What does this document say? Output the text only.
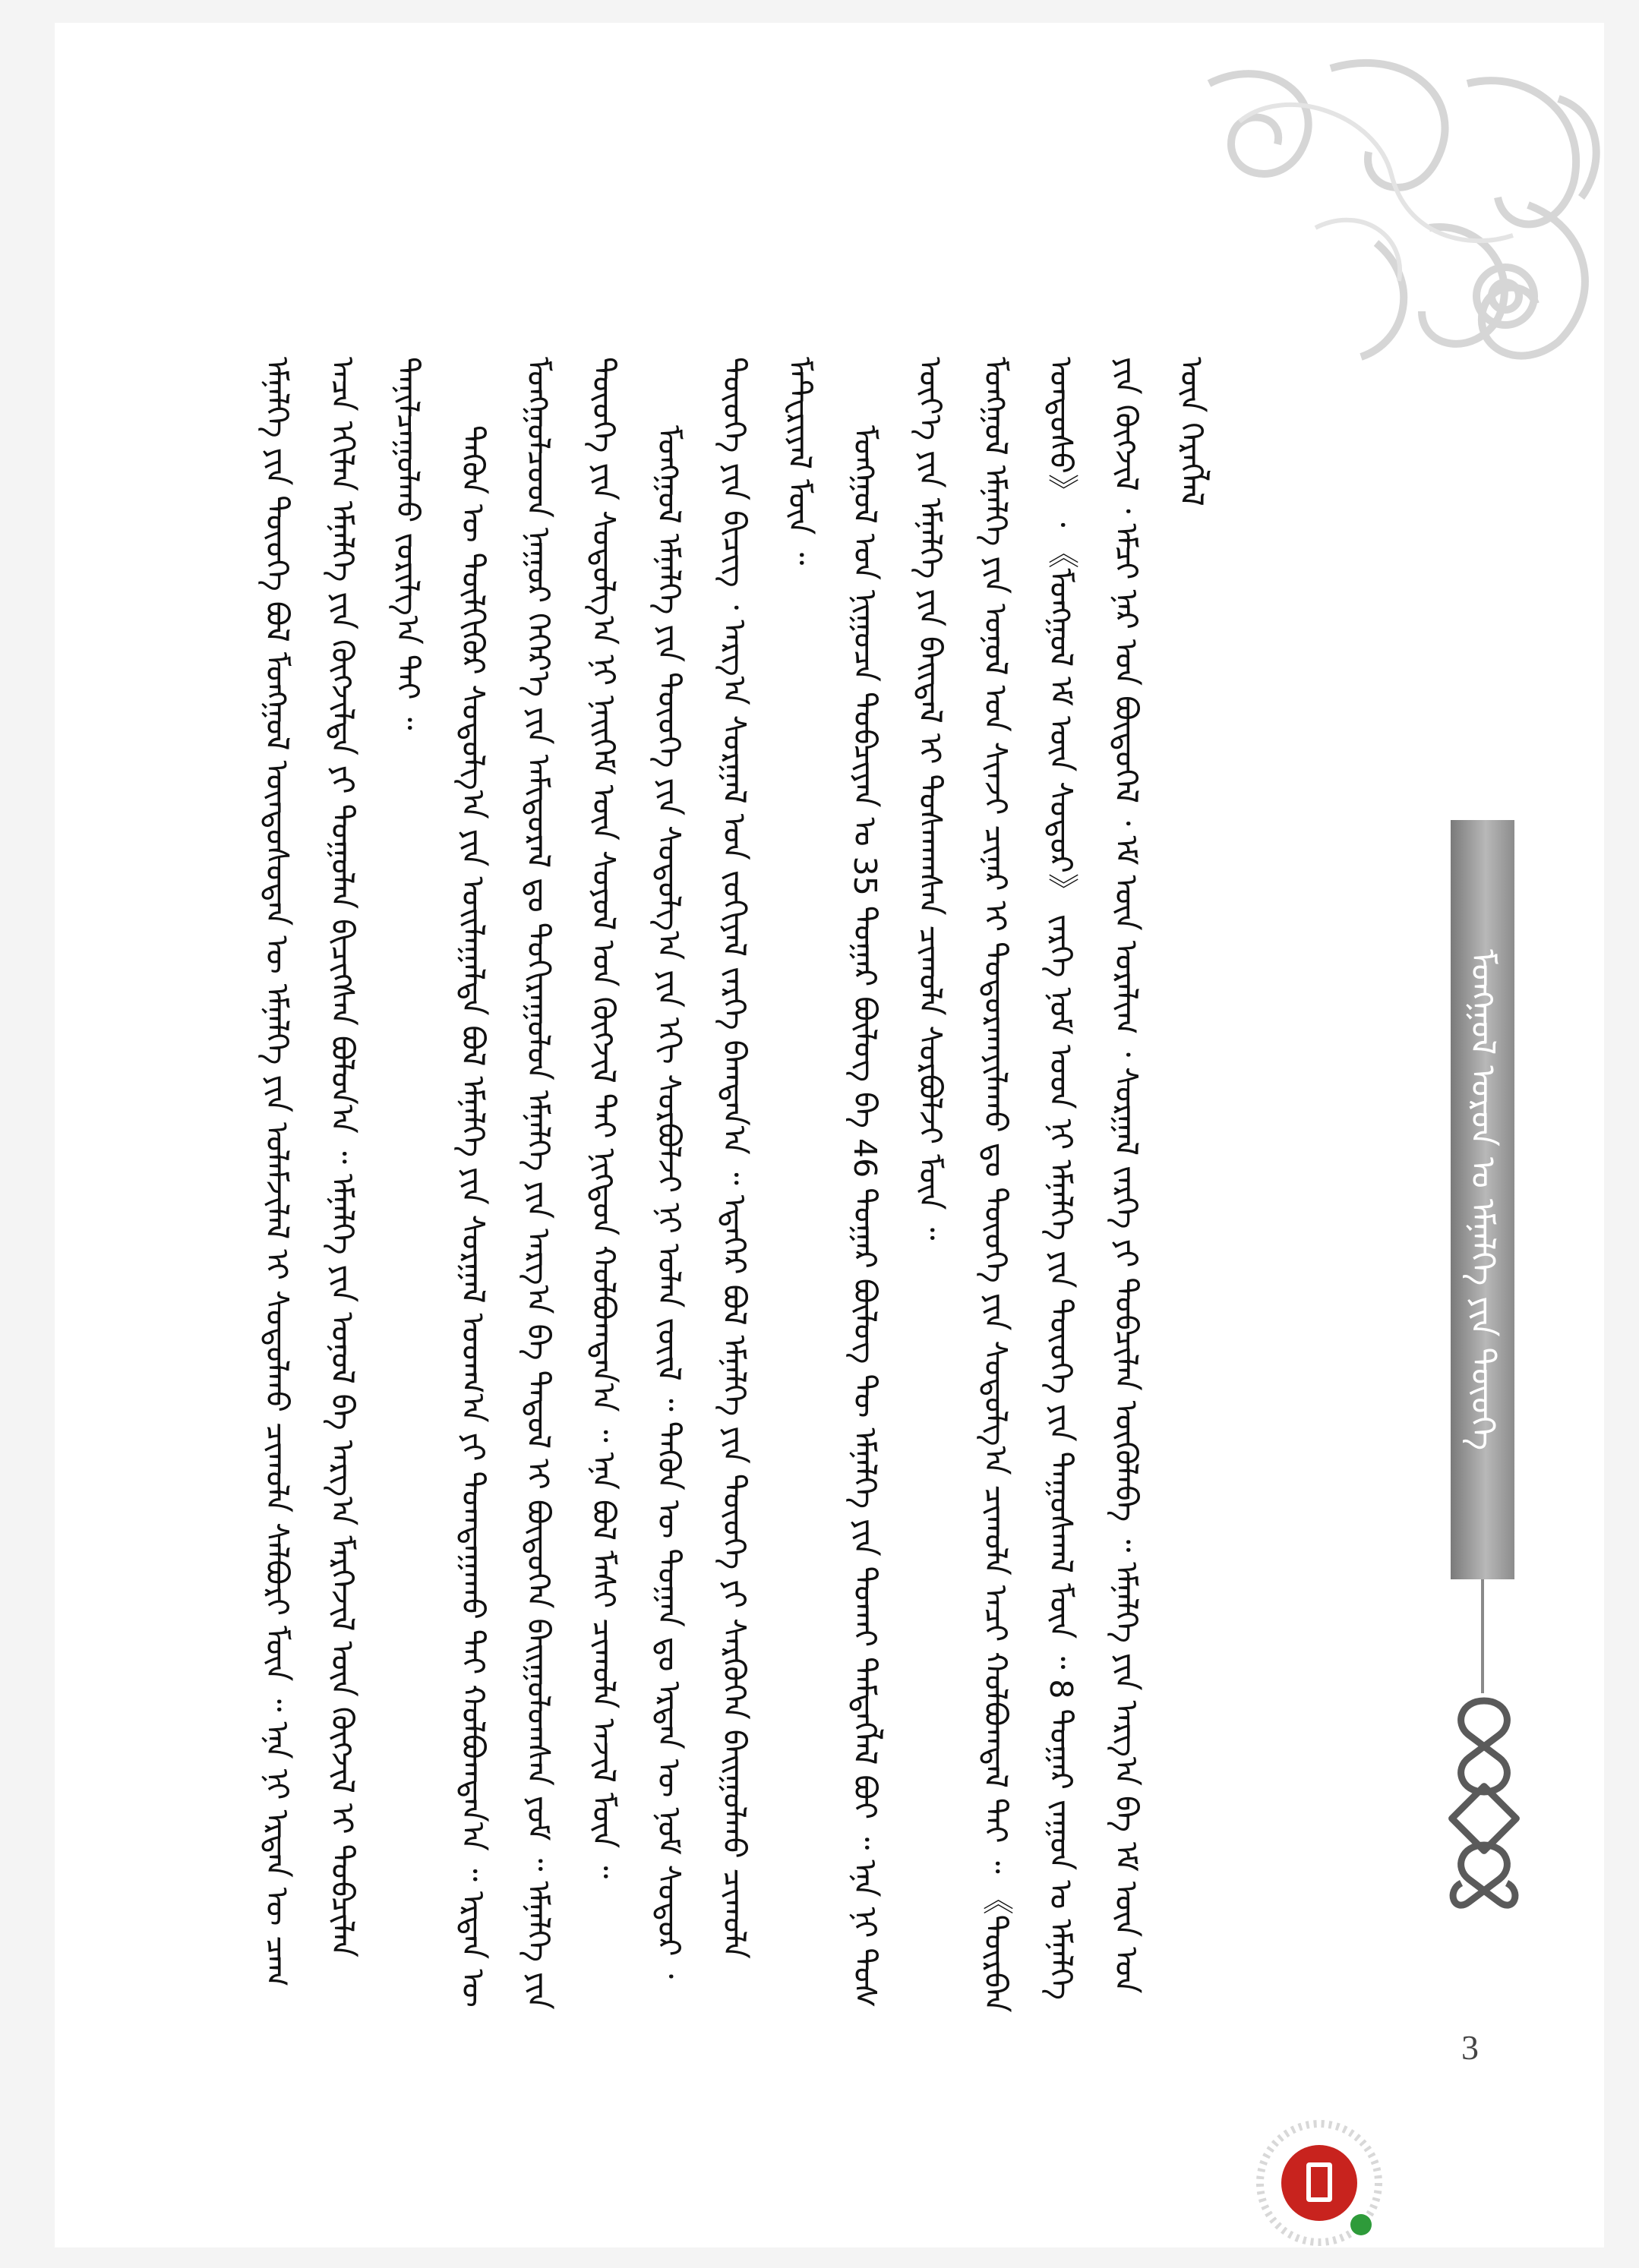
ᠡᠮᠨᠡᠯᠭᠡ ᠶᠢᠨ ᠲᠦᠦᠬᠡ ᠪᠣᠯ ᠮᠣᠩᠭᠣᠯ ᠦᠨᠳᠦᠰᠦᠲᠡᠨ ᠦ ᠡᠮᠨᠡᠯᠭᠡ ᠶᠢᠨ ᠤᠯᠠᠮᠵᠢᠯᠠᠯ ᠢ ᠰᠤᠳᠤᠯᠬᠤ ᠴᠢᠬᠤᠯᠠ ᠰᠠᠯᠪᠤᠷᠢ ᠮᠥᠨ ᠃ ᠡᠨᠡ ᠨᠢ ᠡᠷᠲᠡᠨ ᠦ ᠴᠠᠭ ᠠᠴᠠ ᠡᠬᠢᠯᠡᠨ ᠡᠮᠨᠡᠯᠭᠡ ᠶᠢᠨ ᠬᠥᠭᠵᠢᠯᠲᠡ ᠶᠢ ᠲᠣᠭᠣᠯᠠᠨ ᠪᠢᠴᠢᠭᠰᠡᠨ ᠪᠣᠯᠣᠨ᠎ᠠ ᠃ ᠡᠮᠨᠡᠯᠭᠡ ᠶᠢᠨ ᠣᠨᠣᠯ ᠪᠠ ᠠᠷᠭ᠎ᠠ ᠮᠡᠷᠭᠡᠵᠢᠯ ᠦᠨ ᠬᠥᠭᠵᠢᠯ ᠢ ᠲᠣᠪᠴᠢᠯᠠᠨ ᠲᠠᠨᠢᠯᠴᠠᠭᠤᠯᠬᠤ ᠵᠣᠷᠢᠯᠭ᠎ᠠ ᠲᠠᠢ ᠃ ᠲᠡᠭᠦᠨ ᠦ ᠲᠦᠯᠬᠢᠭᠦᠷ ᠰᠤᠳᠤᠯᠭ᠎ᠠ ᠶᠢᠨ ᠣᠢᠯᠠᠭᠠᠯᠲᠠ ᠪᠣᠯ ᠡᠮᠨᠡᠯᠭᠡ ᠶᠢᠨ ᠰᠤᠷᠭᠠᠯ ᠤᠳᠬ᠎ᠠ ᠶᠢ ᠲᠣᠭᠲᠠᠭᠠᠬᠤ ᠲᠠᠢ ᠬᠣᠯᠪᠣᠭᠳᠠᠨ᠎ᠠ ᠃ ᠡᠷᠲᠡᠨ ᠦ ᠮᠣᠩᠭᠣᠯᠴᠤᠳ ᠨᠠᠭᠤᠷ ᠬᠡᠭᠡᠷ᠎ᠡ ᠶᠢᠨ ᠠᠮᠢᠳᠤᠷᠠᠯ ᠳᠤ ᠲᠣᠬᠢᠷᠠᠭᠤᠯᠤᠨ ᠡᠮᠨᠡᠯᠭᠡ ᠶᠢᠨ ᠠᠷᠭ᠎ᠠ ᠪᠠ ᠳᠠᠳᠤᠯ ᠢ ᠪᠦᠲᠦᠭᠡᠨ ᠪᠠᠢᠭᠤᠯᠤᠭᠰᠠᠨ ᠶᠤᠮ ᠃ ᠡᠮᠨᠡᠯᠭᠡ ᠶᠢᠨ ᠲᠦᠦᠬᠡ ᠶᠢᠨ ᠰᠤᠳᠤᠯᠭ᠎ᠠ ᠨᠢ ᠨᠡᠢᠭᠡᠮ ᠦᠨ ᠰᠣᠶᠤᠯ ᠤᠨ ᠬᠥᠭᠵᠢᠯ ᠲᠡᠢ ᠨᠢᠭᠳᠦᠨ ᠬᠣᠯᠪᠣᠭᠳᠠᠨ᠎ᠠ ᠃ ᠡᠨᠡ ᠪᠣᠯ ᠮᠠᠰᠢ ᠴᠢᠬᠤᠯᠠ ᠠᠵᠢᠯ ᠮᠥᠨ ᠃ ᠮᠣᠩᠭᠣᠯ ᠡᠮᠨᠡᠯᠭᠡ ᠶᠢᠨ ᠲᠦᠦᠬᠡ ᠶᠢᠨ ᠰᠤᠳᠤᠯᠭ᠎ᠠ ᠶᠢᠨ ᠡᠬᠢ ᠰᠤᠷᠪᠤᠯᠵᠢ ᠨᠢ ᠣᠯᠠᠨ ᠵᠦᠢᠯ ᠃ ᠲᠡᠭᠦᠨ ᠦ ᠲᠣᠭᠠᠨ ᠳᠤ ᠡᠷᠲᠡᠨ ᠦ ᠨᠣᠮ ᠰᠤᠳᠤᠷ ᠂ ᠲᠦᠦᠬᠡ ᠶᠢᠨ ᠪᠢᠴᠢᠭ ᠂ ᠠᠷᠭ᠎ᠠ ᠰᠤᠷᠭᠠᠯ ᠤᠨ ᠵᠣᠬᠢᠶᠠᠯ ᠵᠡᠷᠭᠡ ᠪᠠᠭᠲᠠᠨ᠎ᠠ ᠃ ᠡᠳᠡᠭᠡᠷ ᠪᠣᠯ ᠡᠮᠨᠡᠯᠭᠡ ᠶᠢᠨ ᠲᠦᠦᠬᠡ ᠶᠢ ᠰᠡᠷᠭᠦᠭᠡᠨ ᠪᠠᠢᠭᠤᠯᠬᠤ ᠴᠢᠬᠤᠯᠠ ᠮᠠᠲᠸᠷᠢᠶᠠᠯ ᠮᠥᠨ ᠃ ᠮᠣᠩᠭᠣᠯ ᠤᠨ ᠨᠢᠭᠤᠴᠠ ᠲᠣᠪᠴᠢᠶᠠᠨ ᠤ 35 ᠳᠤᠭᠠᠷ ᠪᠦᠯᠦᠭ ᠪᠠ 46 ᠳᠤᠭᠠᠷ ᠪᠦᠯᠦᠭ ᠲᠦ ᠡᠮᠨᠡᠯᠭᠡ ᠶᠢᠨ ᠲᠤᠬᠠᠢ ᠲᠡᠮᠳᠡᠭᠯᠡᠯ ᠪᠤᠢ ᠃ ᠡᠨᠡ ᠨᠢ ᠲᠤᠰ ᠦᠶ᠎ᠡ ᠶᠢᠨ ᠡᠮᠨᠡᠯᠭᠡ ᠶᠢᠨ ᠪᠠᠢᠳᠠᠯ ᠢ ᠲᠤᠰᠬᠠᠭᠰᠠᠨ ᠴᠢᠬᠤᠯᠠ ᠰᠤᠷᠪᠤᠯᠵᠢ ᠮᠥᠨ ᠃ ᠮᠣᠩᠭᠣᠯ ᠡᠮᠨᠡᠯᠭᠡ ᠶᠢᠨ ᠣᠨᠣᠯ ᠤᠨ ᠰᠢᠨᠵᠢ ᠴᠢᠨᠠᠷ ᠢ ᠲᠣᠳᠣᠷᠬᠠᠶᠢᠯᠠᠬᠤ ᠳᠤ ᠲᠦᠦᠬᠡ ᠶᠢᠨ ᠰᠤᠳᠤᠯᠭ᠎ᠠ ᠴᠢᠬᠤᠯᠠ ᠠᠴᠢ ᠬᠣᠯᠪᠣᠭᠳᠠᠯ ᠲᠠᠢ ᠃ 《ᠳᠥᠷᠪᠡᠨ ᠤᠨᠳᠤᠰᠤ》 ᠂ 《ᠮᠣᠩᠭᠣᠯ ᠡᠮ ᠦᠨ ᠰᠤᠳᠤᠷ》 ᠵᠡᠷᠭᠡ ᠨᠣᠮ ᠤᠳ ᠨᠢ ᠡᠮᠨᠡᠯᠭᠡ ᠶᠢᠨ ᠲᠦᠦᠬᠡ ᠶᠢᠨ ᠳᠠᠭᠤᠰᠬᠠᠯ ᠮᠥᠨ ᠃ 8 ᠳᠤᠭᠠᠷ ᠵᠠᠭᠤᠨ ᠤ ᠡᠮᠨᠡᠯᠭᠡ ᠶᠢᠨ ᠬᠥᠭᠵᠢᠯ ᠂ ᠡᠮᠴᠢ ᠨᠠᠷ ᠤᠨ ᠪᠦᠲᠦᠭᠡᠯ ᠂ ᠡᠮ ᠦᠨ ᠤᠷᠠᠯᠢᠭ ᠂ ᠰᠤᠷᠭᠠᠯ ᠵᠡᠷᠭᠡ ᠶᠢ ᠲᠣᠪᠴᠢᠯᠠᠨ ᠥᠭᠦᠯᠡᠪᠡ ᠃ ᠡᠮᠨᠡᠯᠭᠡ ᠶᠢᠨ ᠠᠷᠭ᠎ᠠ ᠪᠠ ᠡᠮ ᠦᠨ ᠡᠳ ᠦᠨ ᠬᠡᠷᠡᠭᠯᠡᠯ

ᠮᠣᠩᠭᠣᠯ ᠣᠷᠣᠨ ᠤ ᠡᠮᠨᠡᠯᠭᠡ ᠶᠢᠨ ᠲᠦᠦᠬᠡ
3
